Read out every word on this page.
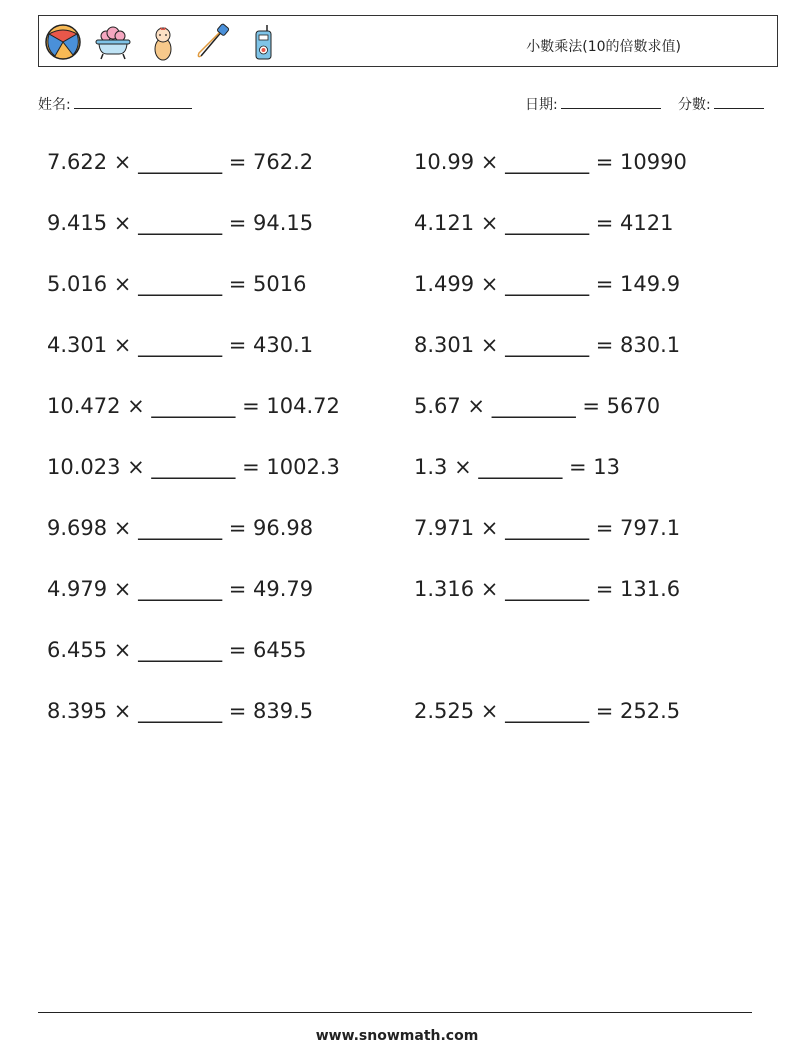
小數乘法(10的倍數求值)
姓名:	日期:	分數:
7.622 × ________ = 762.2
9.415 × ________ = 94.15
5.016 × ________ = 5016
4.301 × ________ = 430.1
10.472 × ________ = 104.72
10.023 × ________ = 1002.3
9.698 × ________ = 96.98
4.979 × ________ = 49.79
6.455 × ________ = 6455
8.395 × ________ = 839.5
10.99 × ________ = 10990
4.121 × ________ = 4121
1.499 × ________ = 149.9
8.301 × ________ = 830.1
5.67 × ________ = 5670
1.3 × ________ = 13
7.971 × ________ = 797.1
1.316 × ________ = 131.6
2.525 × ________ = 252.5
www.snowmath.com
